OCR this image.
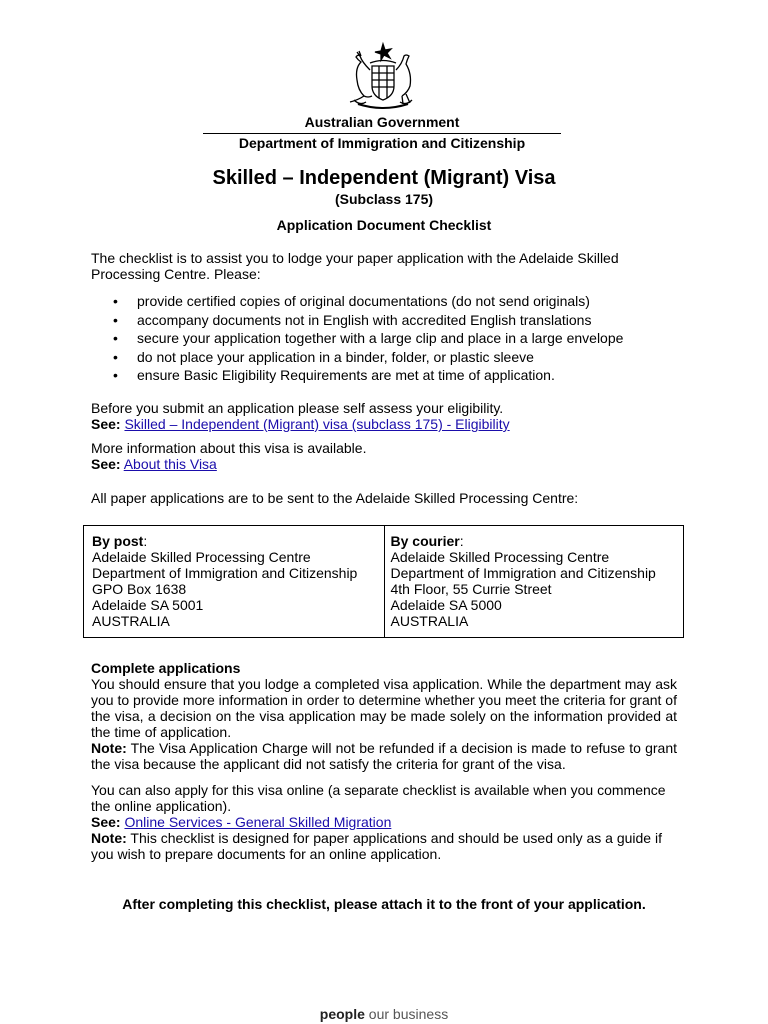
Australian Government
Department of Immigration and Citizenship
Skilled – Independent (Migrant) Visa
(Subclass 175)
Application Document Checklist
The checklist is to assist you to lodge your paper application with the Adelaide Skilled Processing Centre. Please:
• provide certified copies of original documentations (do not send originals)
• accompany documents not in English with accredited English translations
• secure your application together with a large clip and place in a large envelope
• do not place your application in a binder, folder, or plastic sleeve
• ensure Basic Eligibility Requirements are met at time of application.
Before you submit an application please self assess your eligibility.
See: Skilled – Independent (Migrant) visa (subclass 175) - Eligibility
More information about this visa is available.
See: About this Visa
All paper applications are to be sent to the Adelaide Skilled Processing Centre:
By post:
Adelaide Skilled Processing Centre
Department of Immigration and Citizenship
GPO Box 1638
Adelaide SA 5001
AUSTRALIA
By courier:
Adelaide Skilled Processing Centre
Department of Immigration and Citizenship
4th Floor, 55 Currie Street
Adelaide SA 5000
AUSTRALIA
Complete applications
You should ensure that you lodge a completed visa application. While the department may ask you to provide more information in order to determine whether you meet the criteria for grant of the visa, a decision on the visa application may be made solely on the information provided at the time of application.
Note: The Visa Application Charge will not be refunded if a decision is made to refuse to grant the visa because the applicant did not satisfy the criteria for grant of the visa.
You can also apply for this visa online (a separate checklist is available when you commence the online application).
See: Online Services - General Skilled Migration
Note: This checklist is designed for paper applications and should be used only as a guide if you wish to prepare documents for an online application.
After completing this checklist, please attach it to the front of your application.
people our business
